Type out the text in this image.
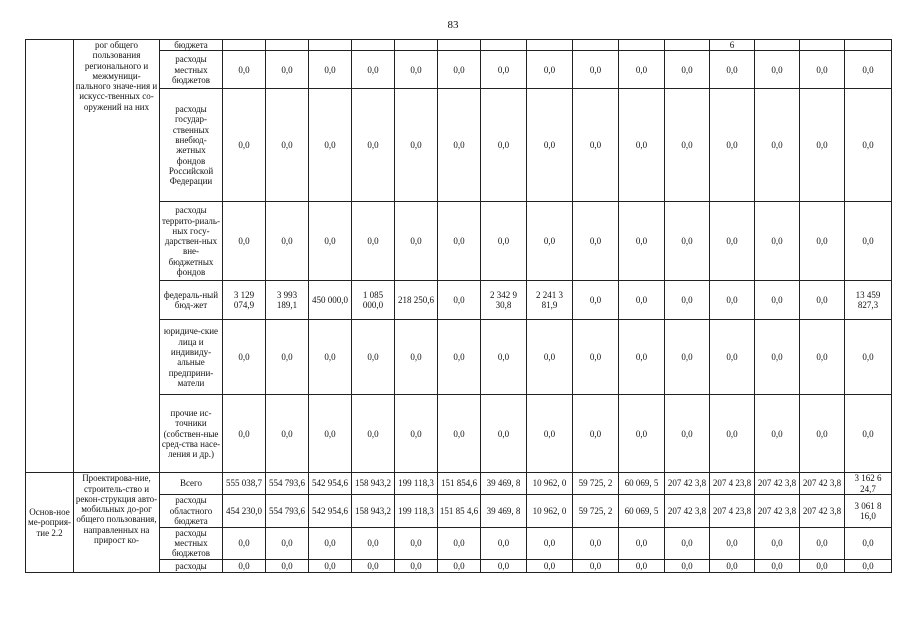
83
	рог общего пользования регионального и межмуници-пального значе-ния и искусс-твенных со-оружений на них	бюджета												6			
		расходы местных бюджетов	0,0	0,0	0,0	0,0	0,0	0,0	0,0	0,0	0,0	0,0	0,0	0,0	0,0	0,0	0,0
		расходы государ-ственных внебюд-жетных фондов Российской Федерации	0,0	0,0	0,0	0,0	0,0	0,0	0,0	0,0	0,0	0,0	0,0	0,0	0,0	0,0	0,0
		расходы террито-риаль-ных госу-дарствен-ных вне-бюджетных фондов	0,0	0,0	0,0	0,0	0,0	0,0	0,0	0,0	0,0	0,0	0,0	0,0	0,0	0,0	0,0
		федераль-ный бюд-жет	3 129 074,9	3 993 189,1	450 000,0	1 085 000,0	218 250,6	0,0	2 342 9 30,8	2 241 3 81,9	0,0	0,0	0,0	0,0	0,0	0,0	13 459 827,3
		юридиче-ские лица и индивиду-альные предприни-матели	0,0	0,0	0,0	0,0	0,0	0,0	0,0	0,0	0,0	0,0	0,0	0,0	0,0	0,0	0,0
		прочие ис-точники (собствен-ные сред-ства насе-ления и др.)	0,0	0,0	0,0	0,0	0,0	0,0	0,0	0,0	0,0	0,0	0,0	0,0	0,0	0,0	0,0
Основ-ное ме-роприя-тие 2.2	Проектирова-ние, строитель-ство и рекон-струкция авто-мобильных до-рог общего пользования, направленных на прирост ко-	Всего	555 038,7	554 793,6	542 954,6	158 943,2	199 118,3	151 854,6	39 469, 8	10 962, 0	59 725, 2	60 069, 5	207 42 3,8	207 4 23,8	207 42 3,8	207 42 3,8	3 162 6 24,7
		расходы областного бюджета	454 230,0	554 793,6	542 954,6	158 943,2	199 118,3	151 85 4,6	39 469, 8	10 962, 0	59 725, 2	60 069, 5	207 42 3,8	207 4 23,8	207 42 3,8	207 42 3,8	3 061 8 16,0
		расходы местных бюджетов	0,0	0,0	0,0	0,0	0,0	0,0	0,0	0,0	0,0	0,0	0,0	0,0	0,0	0,0	0,0
		расходы	0,0	0,0	0,0	0,0	0,0	0,0	0,0	0,0	0,0	0,0	0,0	0,0	0,0	0,0	0,0
